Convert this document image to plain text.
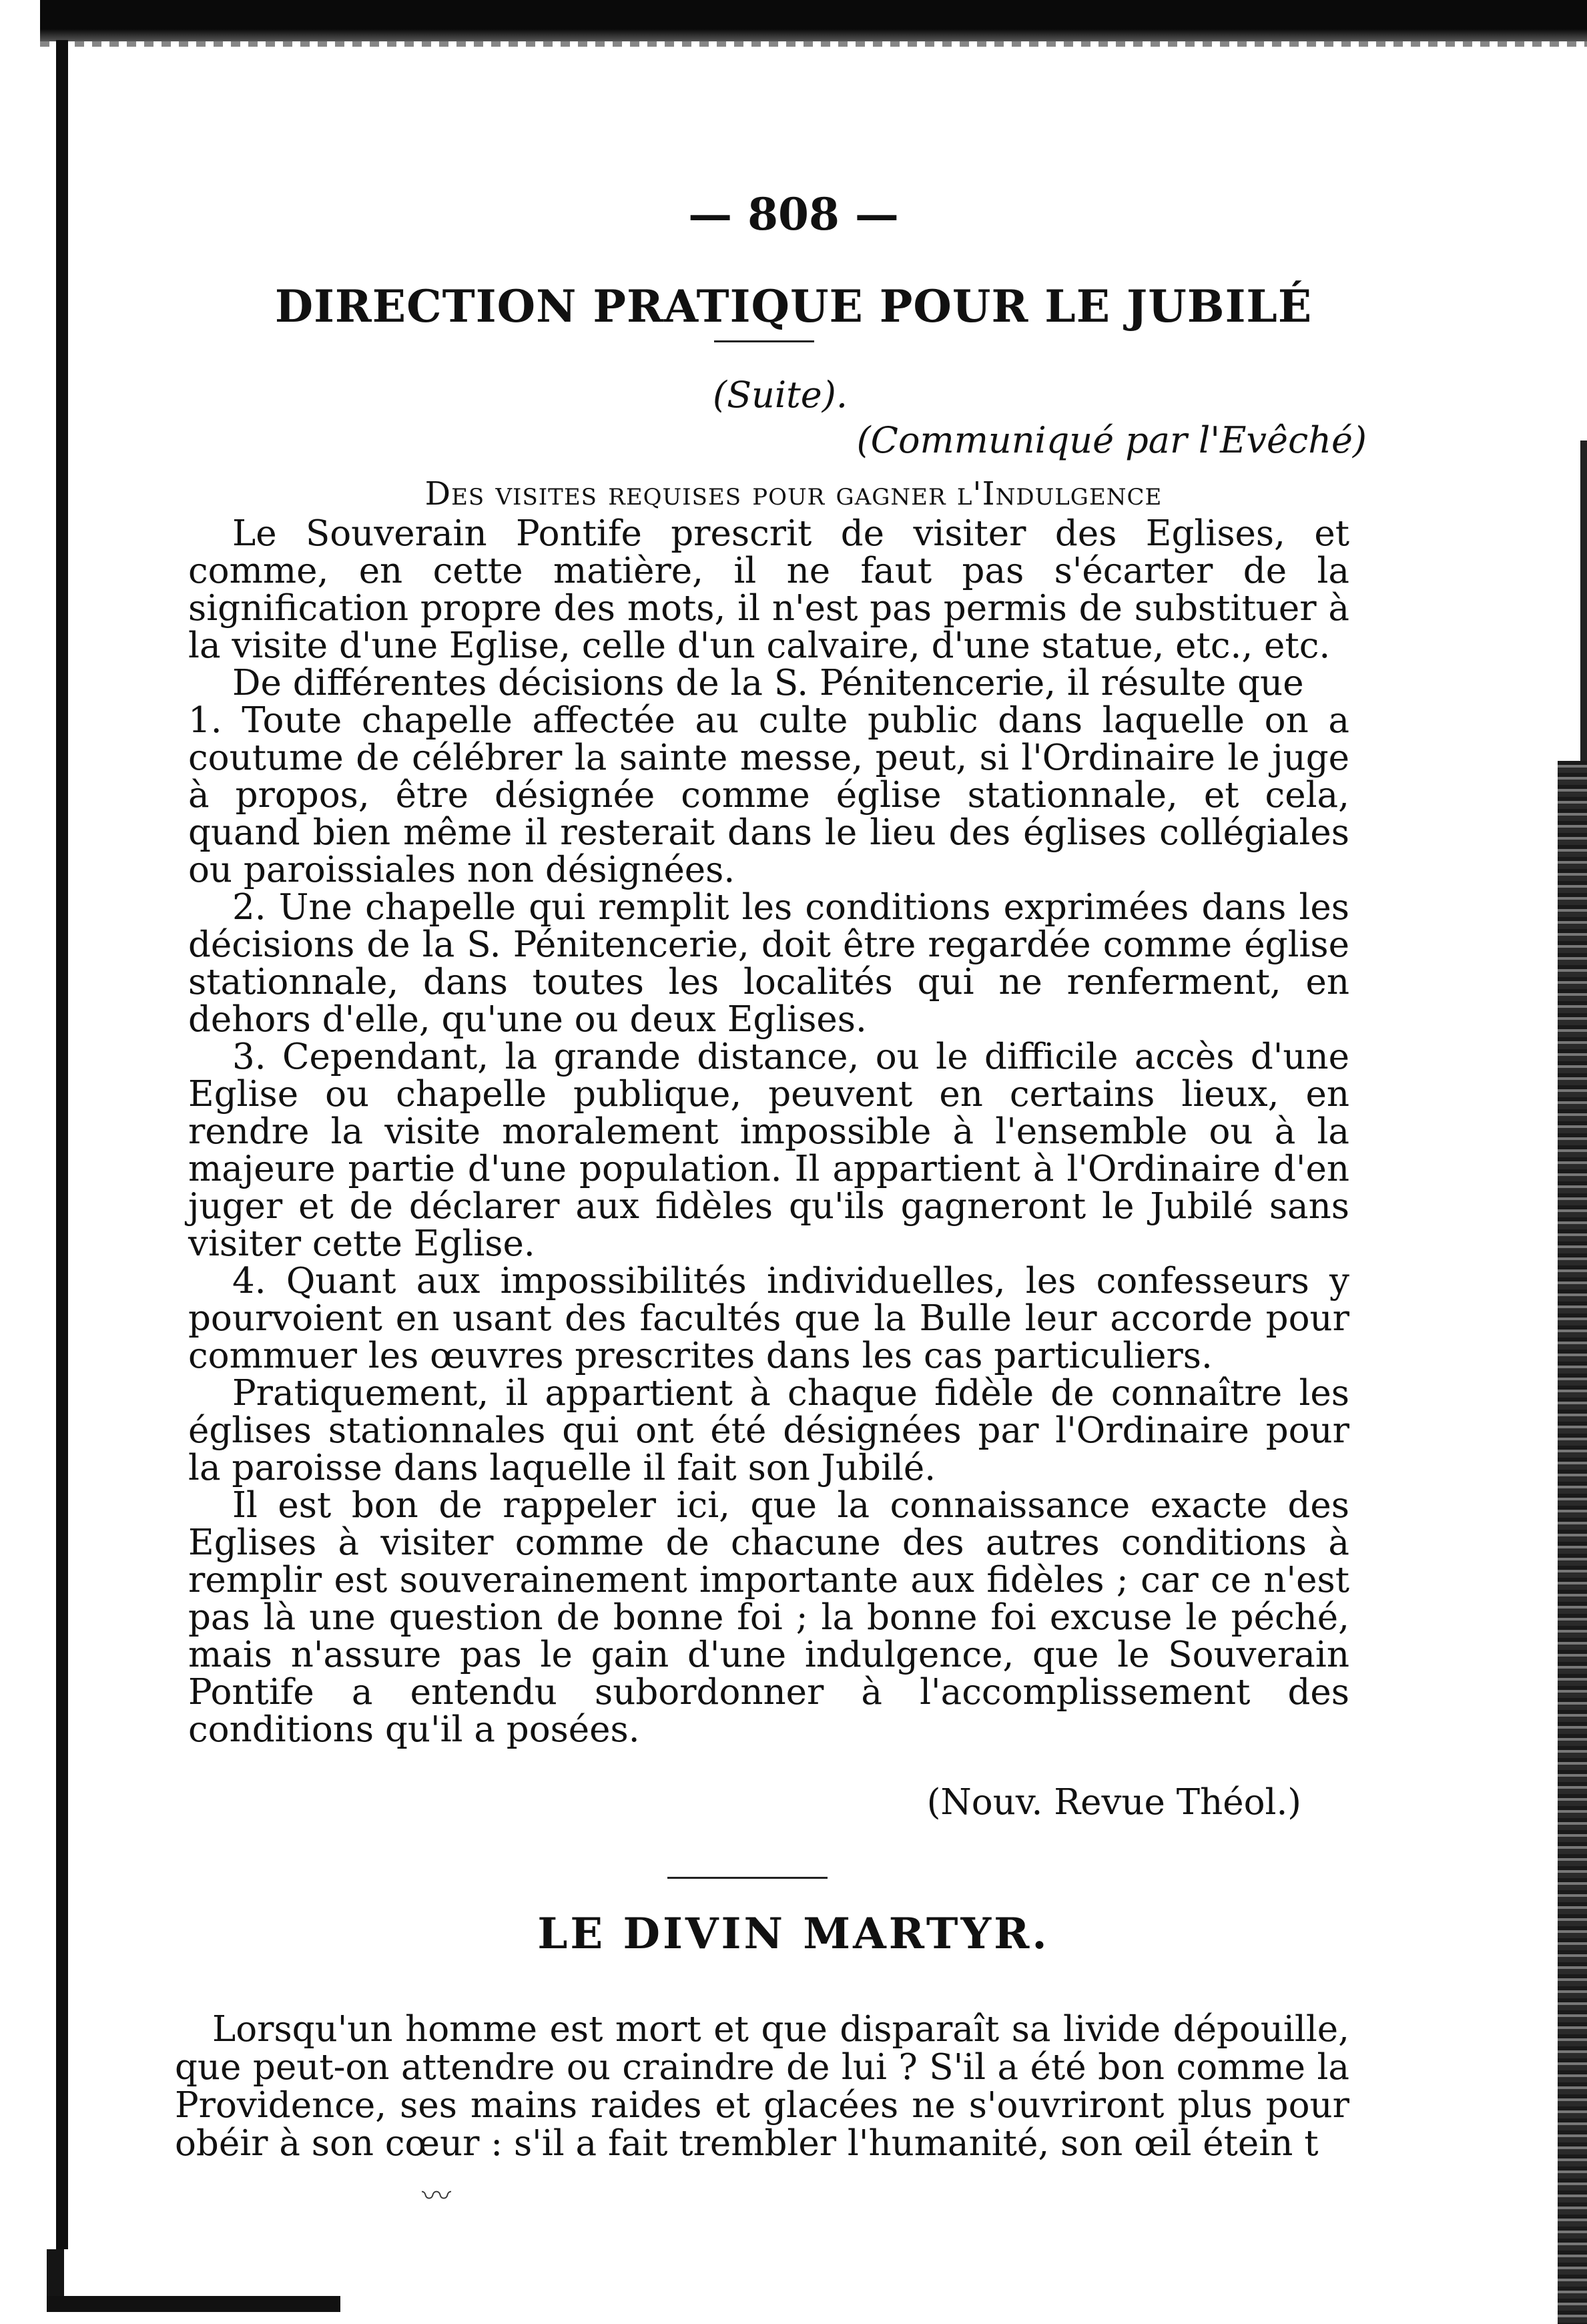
— 808 —
DIRECTION PRATIQUE POUR LE JUBILÉ
(Suite).
(Communiqué par l'Evêché)
Des visites requises pour gagner l'Indulgence

Le Souverain Pontife prescrit de visiter des Eglises, et comme, en cette matière, il ne faut pas s'écarter de la signification propre des mots, il n'est pas permis de substituer à la visite d'une Eglise, celle d'un calvaire, d'une statue, etc., etc.

De différentes décisions de la S. Pénitencerie, il résulte que

1. Toute chapelle affectée au culte public dans laquelle on a coutume de célébrer la sainte messe, peut, si l'Ordinaire le juge à propos, être désignée comme église stationnale, et cela, quand bien même il resterait dans le lieu des églises collégiales ou paroissiales non désignées.

2. Une chapelle qui remplit les conditions exprimées dans les décisions de la S. Pénitencerie, doit être regardée comme église stationnale, dans toutes les localités qui ne renferment, en dehors d'elle, qu'une ou deux Eglises.

3. Cependant, la grande distance, ou le difficile accès d'une Eglise ou chapelle publique, peuvent en certains lieux, en rendre la visite moralement impossible à l'ensemble ou à la majeure partie d'une population. Il appartient à l'Ordinaire d'en juger et de déclarer aux fidèles qu'ils gagneront le Jubilé sans visiter cette Eglise.

4. Quant aux impossibilités individuelles, les confesseurs y pourvoient en usant des facultés que la Bulle leur accorde pour commuer les œuvres prescrites dans les cas particuliers.

Pratiquement, il appartient à chaque fidèle de connaître les églises stationnales qui ont été désignées par l'Ordinaire pour la paroisse dans laquelle il fait son Jubilé.

Il est bon de rappeler ici, que la connaissance exacte des Eglises à visiter comme de chacune des autres conditions à remplir est souverainement importante aux fidèles ; car ce n'est pas là une question de bonne foi ; la bonne foi excuse le péché, mais n'assure pas le gain d'une indulgence, que le Souverain Pontife a entendu subordonner à l'accomplissement des conditions qu'il a posées.

(Nouv. Revue Théol.)
LE DIVIN MARTYR.

Lorsqu'un homme est mort et que disparaît sa livide dépouille, que peut-on attendre ou craindre de lui ? S'il a été bon comme la Providence, ses mains raides et glacées ne s'ouvriront plus pour obéir à son cœur : s'il a fait trembler l'humanité, son œil étein t

〰
